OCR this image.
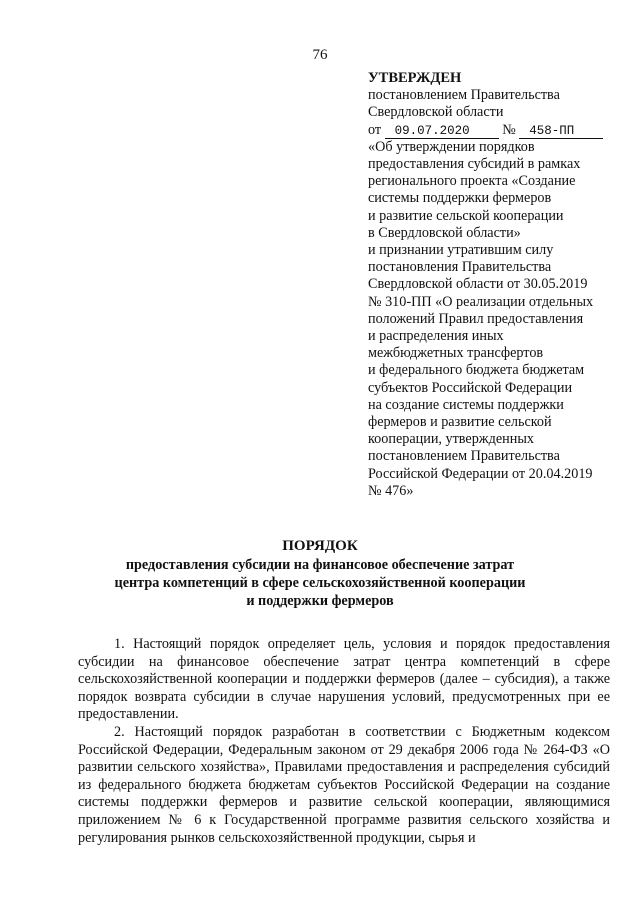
76
УТВЕРЖДЕН
постановлением Правительства
Свердловской области
от 09.07.2020 № 458-ПП
«Об утверждении порядков
предоставления субсидий в рамках
регионального проекта «Создание
системы поддержки фермеров
и развитие сельской кооперации
в Свердловской области»
и признании утратившим силу
постановления Правительства
Свердловской области от 30.05.2019
№ 310-ПП «О реализации отдельных
положений Правил предоставления
и распределения иных
межбюджетных трансфертов
и федерального бюджета бюджетам
субъектов Российской Федерации
на создание системы поддержки
фермеров и развитие сельской
кооперации, утвержденных
постановлением Правительства
Российской Федерации от 20.04.2019
№ 476»
ПОРЯДОК
предоставления субсидии на финансовое обеспечение затрат
центра компетенций в сфере сельскохозяйственной кооперации
и поддержки фермеров

1. Настоящий порядок определяет цель, условия и порядок предоставления субсидии на финансовое обеспечение затрат центра компетенций в сфере сельскохозяйственной кооперации и поддержки фермеров (далее – субсидия), а также порядок возврата субсидии в случае нарушения условий, предусмотренных при ее предоставлении.

2. Настоящий порядок разработан в соответствии с Бюджетным кодексом Российской Федерации, Федеральным законом от 29 декабря 2006 года № 264-ФЗ «О развитии сельского хозяйства», Правилами предоставления и распределения субсидий из федерального бюджета бюджетам субъектов Российской Федерации на создание системы поддержки фермеров и развитие сельской кооперации, являющимися приложением № 6 к Государственной программе развития сельского хозяйства и регулирования рынков сельскохозяйственной продукции, сырья и
